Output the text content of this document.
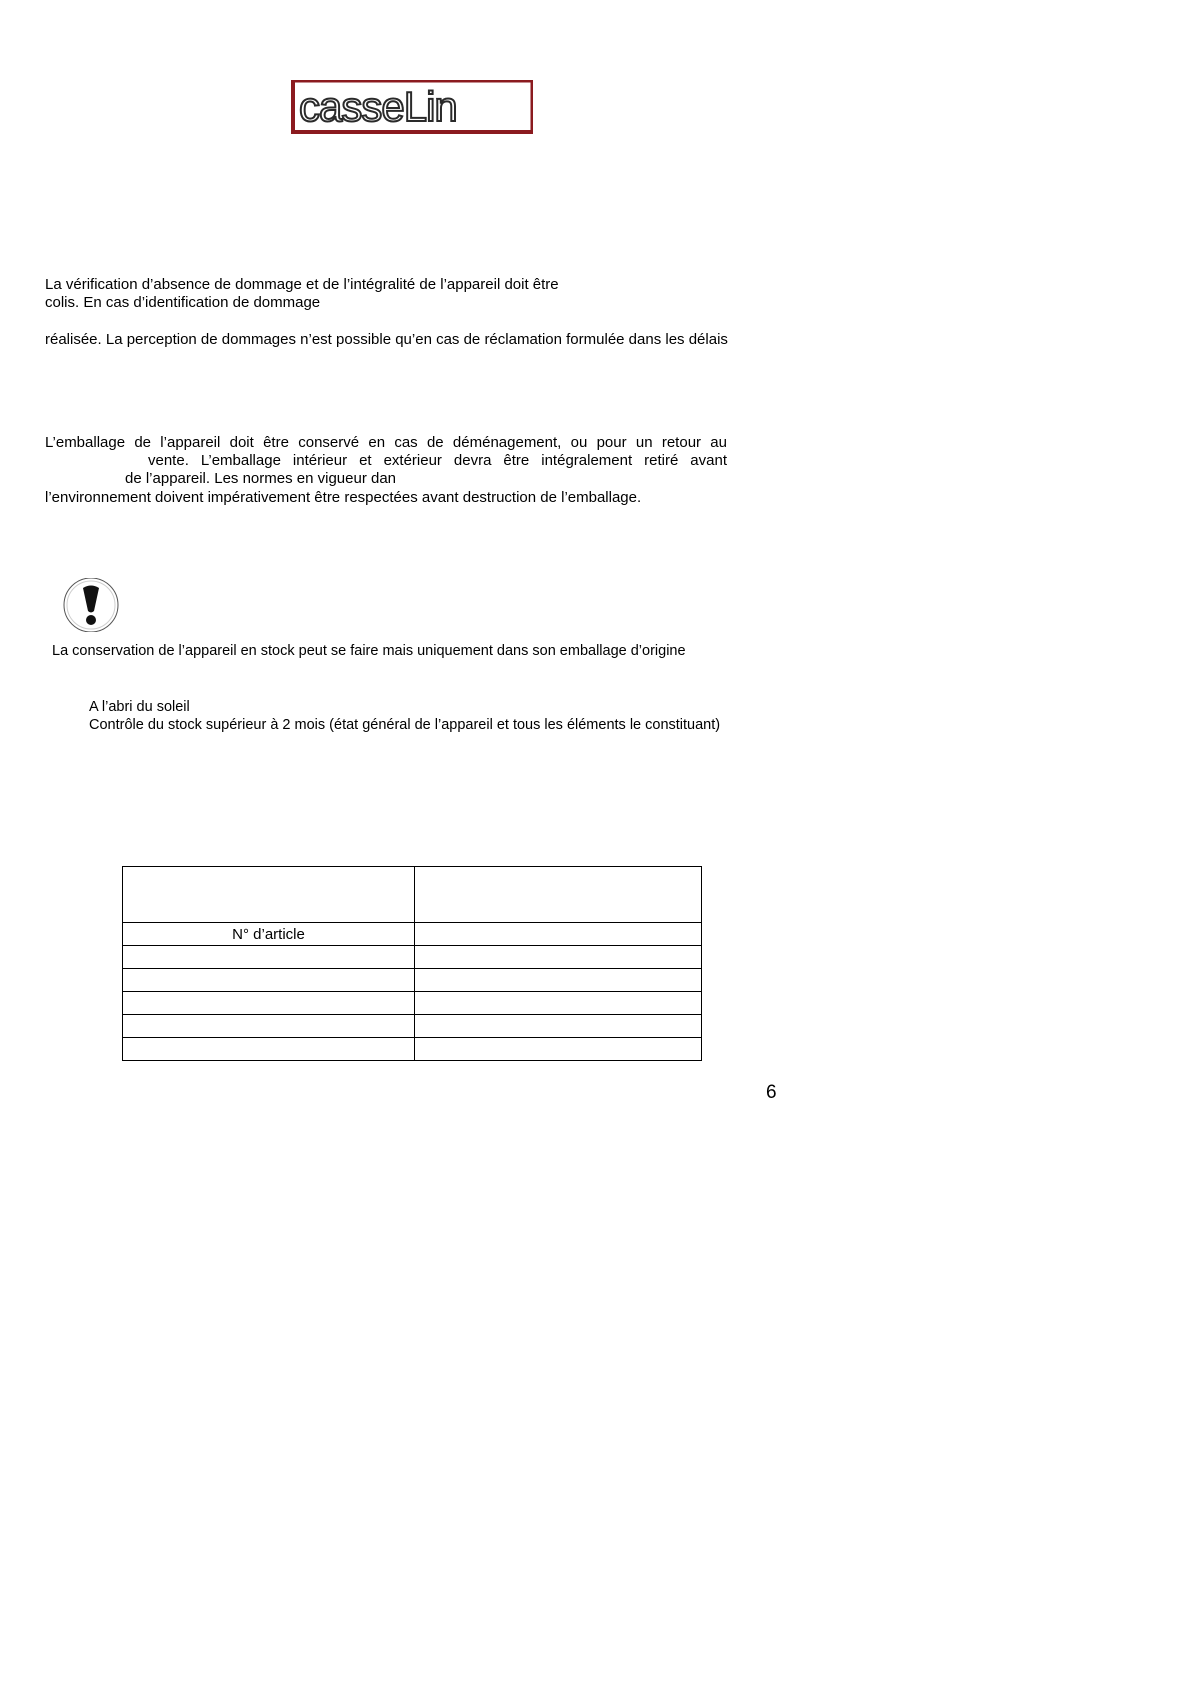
casseLin
La vérification d’absence de dommage et de l’intégralité de l’appareil doit être
colis. En cas d’identification de dommage
réalisée. La perception de dommages n’est possible qu’en cas de réclamation formulée dans les délais
L’emballage de l’appareil doit être conservé en cas de déménagement, ou pour un retour au
vente. L’emballage intérieur et extérieur devra être intégralement retiré avant
de l’appareil. Les normes en vigueur dan
l’environnement doivent impérativement être respectées avant destruction de l’emballage.
La conservation de l’appareil en stock peut se faire mais uniquement dans son emballage d’origine
A l’abri du soleil
Contrôle du stock supérieur à 2 mois (état général de l’appareil et tous les éléments le constituant)

N° d’article	

6
